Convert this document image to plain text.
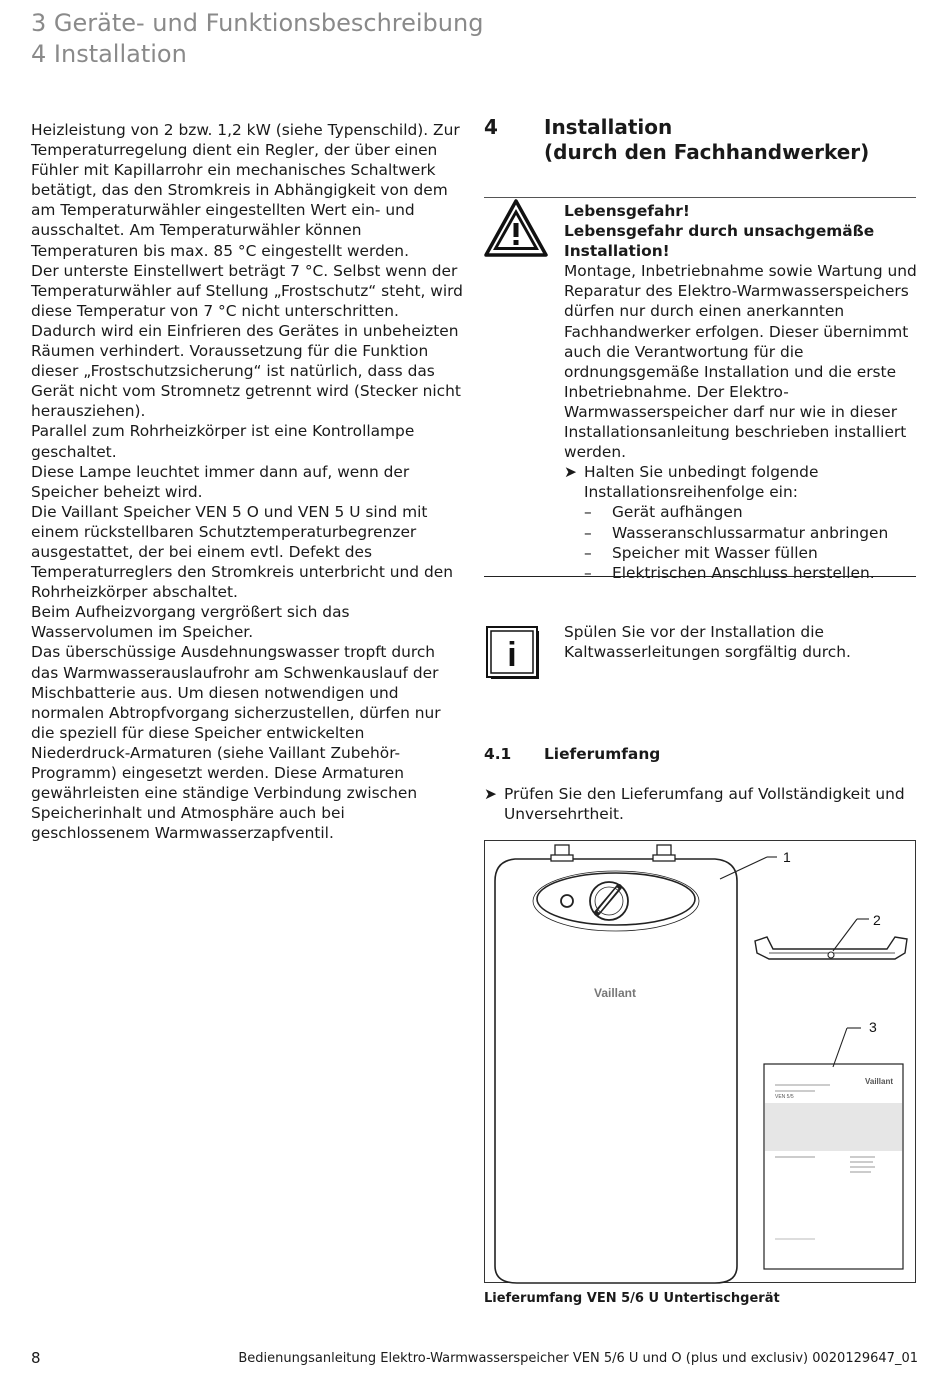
3 Geräte- und Funktionsbeschreibung
4 Installation

Heizleistung von 2 bzw. 1,2 kW (siehe Typenschild). Zur Temperaturregelung dient ein Regler, der über einen Fühler mit Kapillarrohr ein mechanisches Schaltwerk betätigt, das den Stromkreis in Abhängigkeit von dem am Temperaturwähler eingestellten Wert ein- und ausschaltet. Am Temperaturwähler können Temperaturen bis max. 85 °C eingestellt werden.

Der unterste Einstellwert beträgt 7 °C. Selbst wenn der Temperaturwähler auf Stellung „Frostschutz“ steht, wird diese Temperatur von 7 °C nicht unterschritten. Dadurch wird ein Einfrieren des Gerätes in unbeheizten Räumen verhindert. Voraussetzung für die Funktion dieser „Frostschutzsicherung“ ist natürlich, dass das Gerät nicht vom Stromnetz getrennt wird (Stecker nicht herausziehen).

Parallel zum Rohrheizkörper ist eine Kontrollampe geschaltet.

Diese Lampe leuchtet immer dann auf, wenn der Speicher beheizt wird.

Die Vaillant Speicher VEN 5 O und VEN 5 U sind mit einem rückstellbaren Schutztemperaturbegrenzer ausgestattet, der bei einem evtl. Defekt des Temperaturreglers den Stromkreis unterbricht und den Rohrheizkörper abschaltet.

Beim Aufheizvorgang vergrößert sich das Wasservolumen im Speicher.

Das überschüssige Ausdehnungswasser tropft durch das Warmwasserauslaufrohr am Schwenkauslauf der Mischbatterie aus. Um diesen notwendigen und normalen Abtropfvorgang sicherzustellen, dürfen nur die speziell für diese Speicher entwickelten Niederdruck-Armaturen (siehe Vaillant Zubehör-Programm) eingesetzt werden. Diese Armaturen gewährleisten eine ständige Verbindung zwischen Speicherinhalt und Atmosphäre auch bei geschlossenem Warmwasserzapfventil.

4 Installation
(durch den Fachhandwerker)

Lebensgefahr!

Lebensgefahr durch unsachgemäße Installation!

Montage, Inbetriebnahme sowie Wartung und Reparatur des Elektro-Warmwasserspeichers dürfen nur durch einen anerkannten Fachhandwerker erfolgen. Dieser übernimmt auch die Verantwortung für die ordnungsgemäße Installation und die erste Inbetriebnahme. Der Elektro-Warmwasserspeicher darf nur wie in dieser Installationsanleitung beschrieben installiert werden.

➤ Halten Sie unbedingt folgende Installationsreihenfolge ein:
– Gerät aufhängen
– Wasseranschlussarmatur anbringen
– Speicher mit Wasser füllen
– Elektrischen Anschluss herstellen.
i
Spülen Sie vor der Installation die Kaltwasserleitungen sorgfältig durch.
4.1 Lieferumfang
➤ Prüfen Sie den Lieferumfang auf Vollständigkeit und Unversehrtheit.
Vaillant
1
2
VEN 5/5
Vaillant
3
Lieferumfang VEN 5/6 U Untertischgerät
8	Bedienungsanleitung Elektro-Warmwasserspeicher VEN 5/6 U und O (plus und exclusiv) 0020129647_01
